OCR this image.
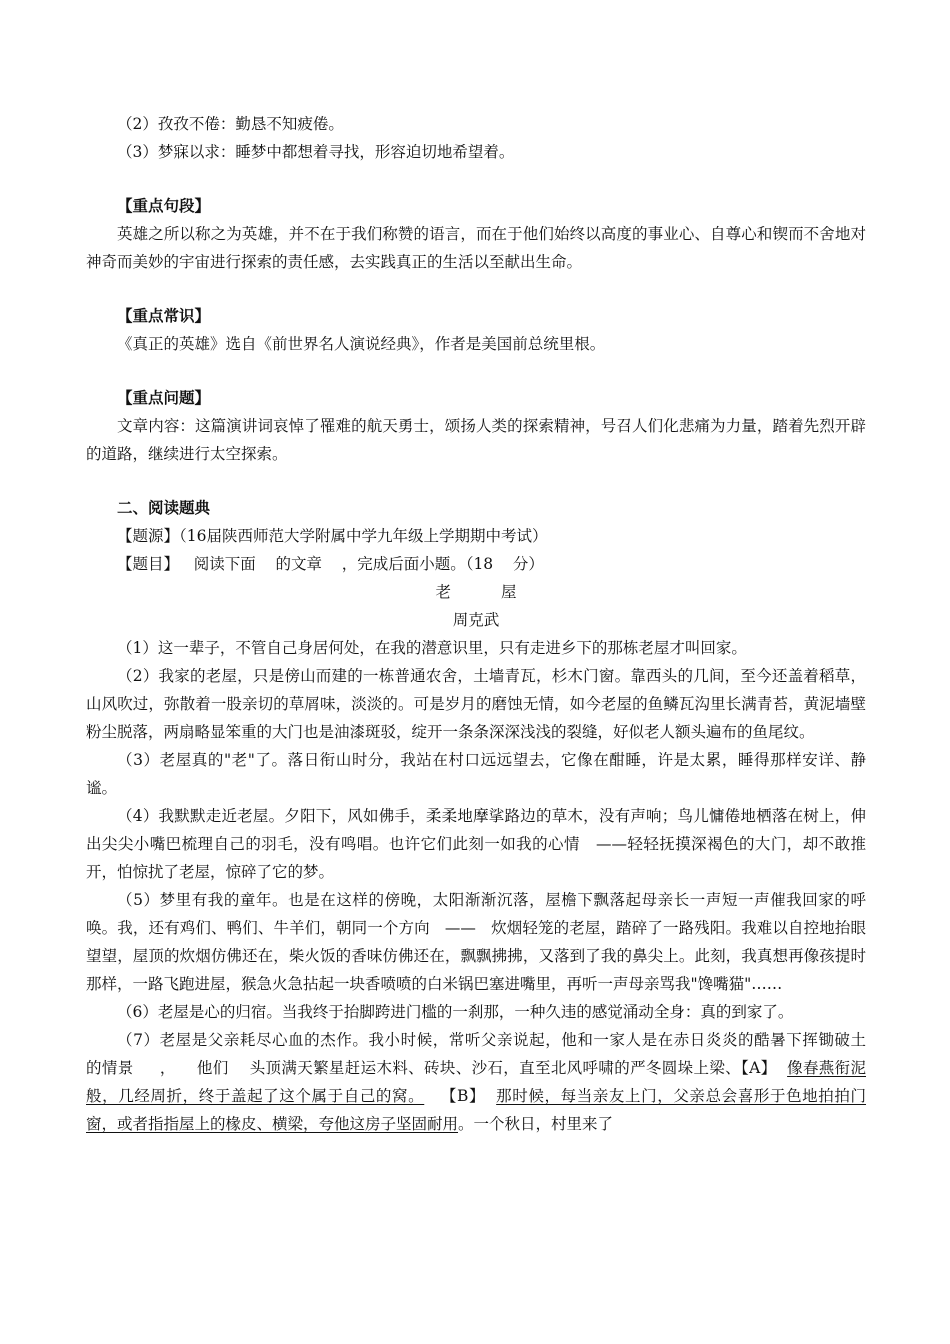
（2）孜孜不倦：勤恳不知疲倦。
（3）梦寐以求：睡梦中都想着寻找，形容迫切地希望着。
【重点句段】
英雄之所以称之为英雄，并不在于我们称赞的语言，而在于他们始终以高度的事业心、自尊心和锲而不舍地对神奇而美妙的宇宙进行探索的责任感，去实践真正的生活以至献出生命。
【重点常识】
《真正的英雄》选自《前世界名人演说经典》，作者是美国前总统里根。
【重点问题】
文章内容：这篇演讲词哀悼了罹难的航天勇士，颂扬人类的探索精神，号召人们化悲痛为力量，踏着先烈开辟的道路，继续进行太空探索。
二、阅读题典
【题源】（16届陕西师范大学附属中学九年级上学期期中考试）
【题目】   阅读下面    的文章    ，完成后面小题。（18    分）
老屋
周克武
（1）这一辈子，不管自己身居何处，在我的潜意识里，只有走进乡下的那栋老屋才叫回家。
（2）我家的老屋，只是傍山而建的一栋普通农舍，土墙青瓦，杉木门窗。靠西头的几间，至今还盖着稻草，山风吹过，弥散着一股亲切的草屑味，淡淡的。可是岁月的磨蚀无情，如今老屋的鱼鳞瓦沟里长满青苔，黄泥墙壁粉尘脱落，两扇略显笨重的大门也是油漆斑驳，绽开一条条深深浅浅的裂缝，好似老人额头遍布的鱼尾纹。
（3）老屋真的"老"了。落日衔山时分，我站在村口远远望去，它像在酣睡，许是太累，睡得那样安详、静谧。
（4）我默默走近老屋。夕阳下，风如佛手，柔柔地摩挲路边的草木，没有声响；鸟儿慵倦地栖落在树上，伸出尖尖小嘴巴梳理自己的羽毛，没有鸣唱。也许它们此刻一如我的心情   ——轻轻抚摸深褐色的大门，却不敢推开，怕惊扰了老屋，惊碎了它的梦。
（5）梦里有我的童年。也是在这样的傍晚，太阳渐渐沉落，屋檐下飘落起母亲长一声短一声催我回家的呼唤。我，还有鸡们、鸭们、牛羊们，朝同一个方向   ——   炊烟轻笼的老屋，踏碎了一路残阳。我难以自控地抬眼望望，屋顶的炊烟仿佛还在，柴火饭的香味仿佛还在，飘飘拂拂，又落到了我的鼻尖上。此刻，我真想再像孩提时那样，一路飞跑进屋，猴急火急拈起一块香喷喷的白米锅巴塞进嘴里，再听一声母亲骂我"馋嘴猫"……
（6）老屋是心的归宿。当我终于抬脚跨进门槛的一刹那，一种久违的感觉涌动全身：真的到家了。
（7）老屋是父亲耗尽心血的杰作。我小时候，常听父亲说起，他和一家人是在赤日炎炎的酷暑下挥锄破土    的情景     ，    他们    头顶满天繁星赶运木料、砖块、沙石，直至北风呼啸的严冬圆垛上梁、【A】 像春燕衔泥般，几经周折，终于盖起了这个属于自己的窝。 【B】 那时候，每当亲友上门，父亲总会喜形于色地拍拍门窗，或者指指屋上的椽皮、横梁，夸他这房子坚固耐用。一个秋日，村里来了
